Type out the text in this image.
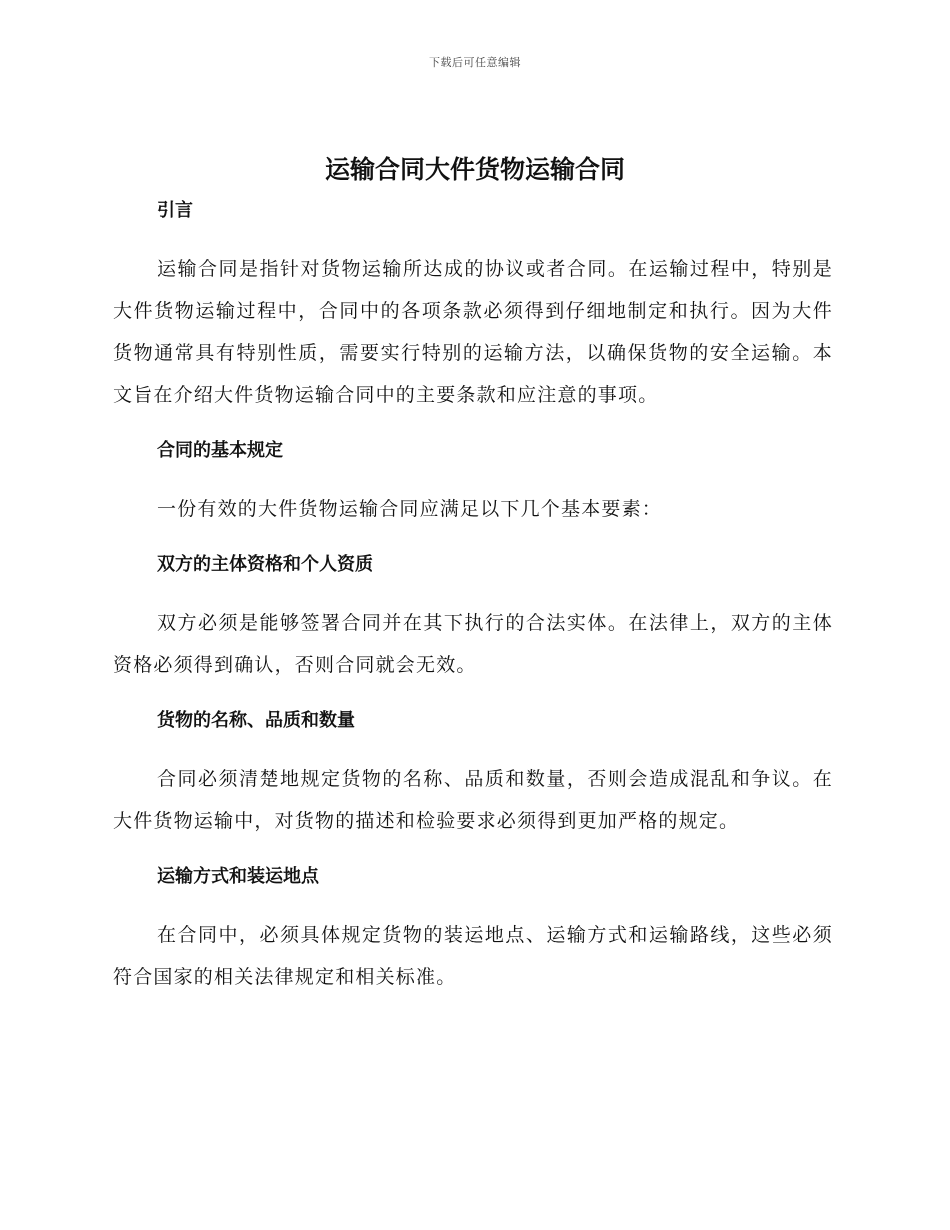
下载后可任意编辑
运输合同大件货物运输合同
引言

运输合同是指针对货物运输所达成的协议或者合同。在运输过程中，特别是大件货物运输过程中，合同中的各项条款必须得到仔细地制定和执行。因为大件货物通常具有特别性质，需要实行特别的运输方法，以确保货物的安全运输。本文旨在介绍大件货物运输合同中的主要条款和应注意的事项。

合同的基本规定

一份有效的大件货物运输合同应满足以下几个基本要素：

双方的主体资格和个人资质

双方必须是能够签署合同并在其下执行的合法实体。在法律上，双方的主体资格必须得到确认，否则合同就会无效。

货物的名称、品质和数量

合同必须清楚地规定货物的名称、品质和数量，否则会造成混乱和争议。在大件货物运输中，对货物的描述和检验要求必须得到更加严格的规定。

运输方式和装运地点

在合同中，必须具体规定货物的装运地点、运输方式和运输路线，这些必须符合国家的相关法律规定和相关标准。
